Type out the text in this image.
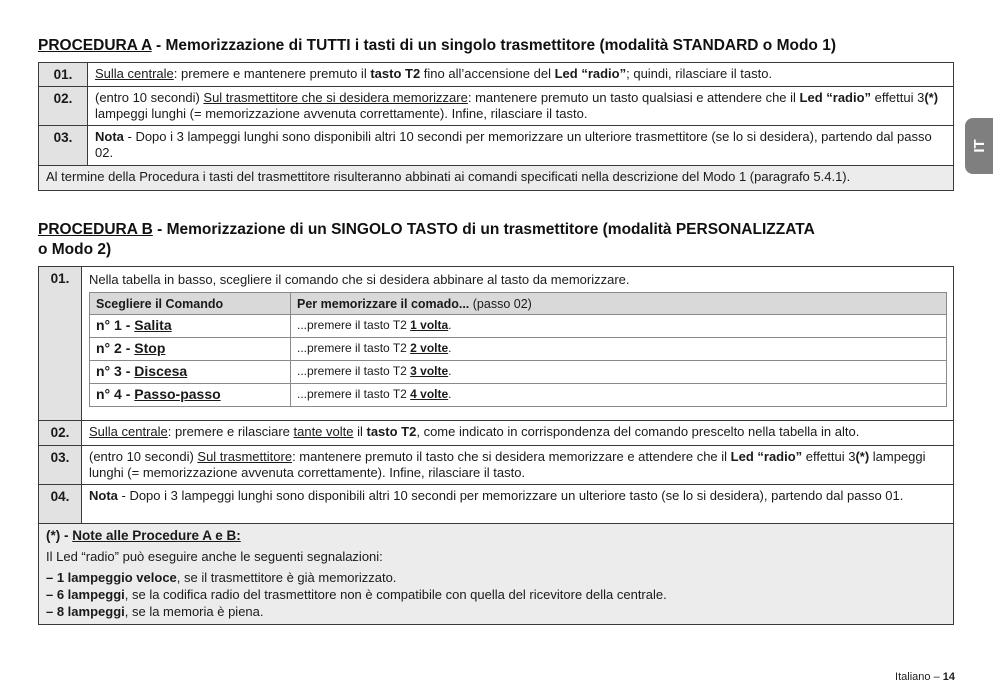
PROCEDURA A - Memorizzazione di TUTTI i tasti di un singolo trasmettitore (modalità STANDARD o Modo 1)
01.	Sulla centrale: premere e mantenere premuto il tasto T2 fino all’accensione del Led “radio”; quindi, rilasciare il tasto.
02.	(entro 10 secondi) Sul trasmettitore che si desidera memorizzare: mantenere premuto un tasto qualsiasi e attendere che il Led “radio” effettui 3(*) lampeggi lunghi (= memorizzazione avvenuta correttamente). Infine, rilasciare il tasto.
03.	Nota - Dopo i 3 lampeggi lunghi sono disponibili altri 10 secondi per memorizzare un ulteriore trasmettitore (se lo si desidera), partendo dal passo 02.
Al termine della Procedura i tasti del trasmettitore risulteranno abbinati ai comandi specificati nella descrizione del Modo 1 (paragrafo 5.4.1).	
PROCEDURA B - Memorizzazione di un SINGOLO TASTO di un trasmettitore (modalità PERSONALIZZATA
o Modo 2)
01.	Nella tabella in basso, scegliere il comando che si desidera abbinare al tasto da memorizzare.
Scegliere il Comando	Per memorizzare il comado... (passo 02)
n° 1 - Salita	...premere il tasto T2 1 volta.
n° 2 - Stop	...premere il tasto T2 2 volte.
n° 3 - Discesa	...premere il tasto T2 3 volte.
n° 4 - Passo-passo	...premere il tasto T2 4 volte.

02.	Sulla centrale: premere e rilasciare tante volte il tasto T2, come indicato in corrispondenza del comando prescelto nella tabella in alto.
03.	(entro 10 secondi) Sul trasmettitore: mantenere premuto il tasto che si desidera memorizzare e attendere che il Led “radio” effettui 3(*) lampeggi lunghi (= memorizzazione avvenuta correttamente). Infine, rilasciare il tasto.
04.	Nota - Dopo i 3 lampeggi lunghi sono disponibili altri 10 secondi per memorizzare un ulteriore tasto (se lo si desidera), partendo dal passo 01.

(*) - Note alle Procedure A e B:
Il Led “radio” può eseguire anche le seguenti segnalazioni:
– 1 lampeggio veloce, se il trasmettitore è già memorizzato.
– 6 lampeggi, se la codifica radio del trasmettitore non è compatibile con quella del ricevitore della centrale.
– 8 lampeggi, se la memoria è piena.
IT
Italiano – 14
